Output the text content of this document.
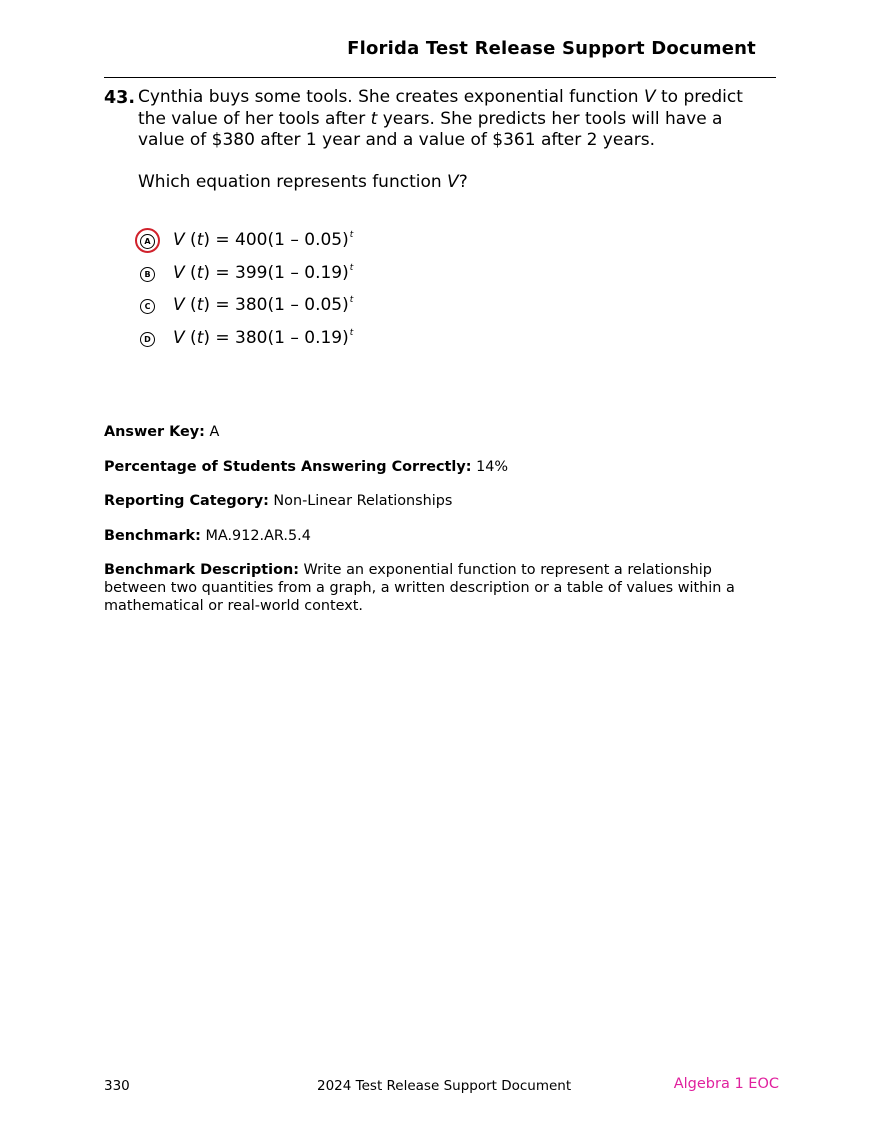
Florida Test Release Support Document
43. Cynthia buys some tools. She creates exponential function V to predict the value of her tools after t years. She predicts her tools will have a value of $380 after 1 year and a value of $361 after 2 years.
Which equation represents function V?
A V (t) = 400(1 – 0.05)$^t$
B V (t) = 399(1 – 0.19)$^t$
C V (t) = 380(1 – 0.05)$^t$
D V (t) = 380(1 – 0.19)$^t$
Answer Key: A
Percentage of Students Answering Correctly: 14%
Reporting Category: Non-Linear Relationships
Benchmark: MA.912.AR.5.4
Benchmark Description: Write an exponential function to represent a relationship between two quantities from a graph, a written description or a table of values within a mathematical or real-world context.
330	2024 Test Release Support Document	Algebra 1 EOC
